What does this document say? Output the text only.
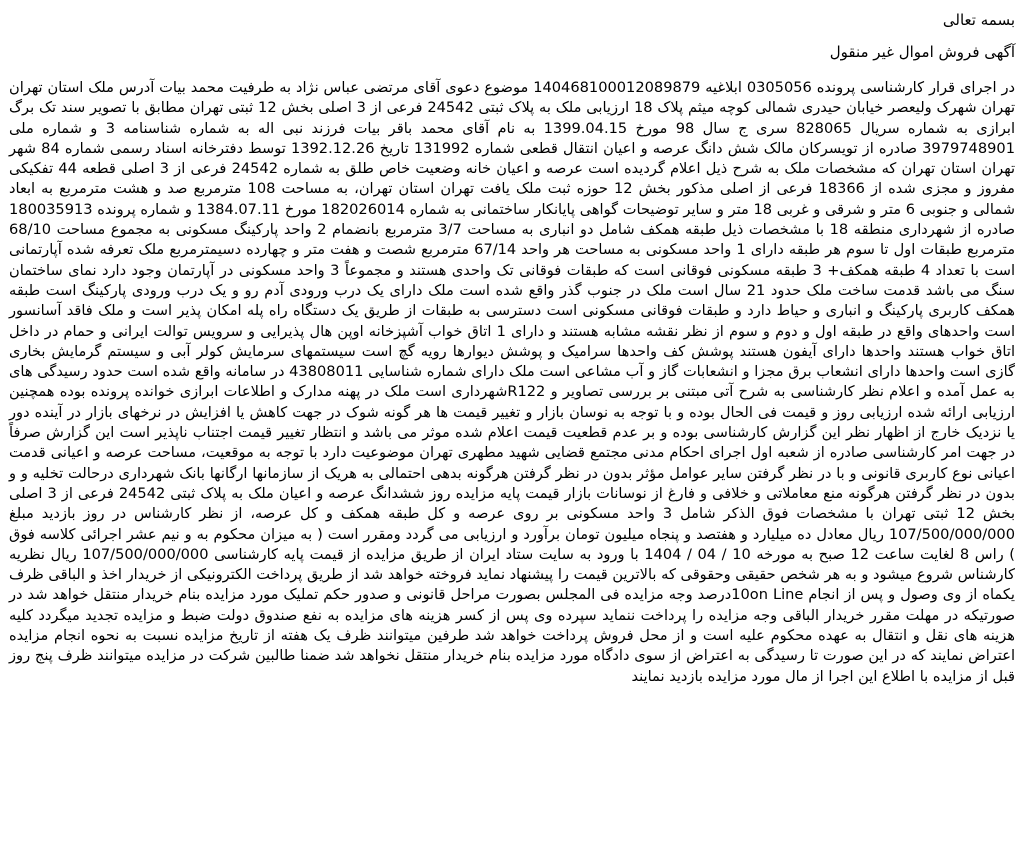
بسمه تعالی
آگهی فروش اموال غیر منقول
در اجرای قرار کارشناسی پرونده 0305056 ابلاغیه 140468100012089879 موضوع دعوی آقای مرتضی عباس نژاد به طرفیت محمد بیات آدرس ملک استان تهران تهران شهرک ولیعصر خیابان حیدری شمالی کوچه میثم پلاک 18 ارزیابی ملک به پلاک ثبتی 24542 فرعی از 3 اصلی بخش 12 ثبتی تهران مطابق با تصویر سند تک برگ ابرازی به شماره سریال 828065 سری ج سال 98 مورخ 1399.04.15 به نام آقای محمد باقر بیات فرزند نبی اله به شماره شناسنامه 3 و شماره ملی 3979748901 صادره از تویسرکان مالک شش دانگ عرصه و اعیان انتقال قطعی شماره 131992 تاریخ 1392.12.26 توسط دفترخانه اسناد رسمی شماره 84 شهر تهران استان تهران که مشخصات ملک به شرح ذیل اعلام گردیده است عرصه و اعیان خانه وضعیت خاص طلق به شماره 24542 فرعی از 3 اصلی قطعه 44 تفکیکی مفروز و مجزی شده از 18366 فرعی از اصلی مذکور بخش 12 حوزه ثبت ملک یافت تهران استان تهران، به مساحت 108 مترمربع صد و هشت مترمربع به ابعاد شمالی و جنوبی 6 متر و شرقی و غربی 18 متر و سایر توضیحات گواهی پایانکار ساختمانی به شماره 182026014 مورخ 1384.07.11 و شماره پرونده 180035913 صادره از شهرداری منطقه 18 با مشخصات ذیل طبقه همکف شامل دو انباری به مساحت 3/7 مترمربع بانضمام 2 واحد پارکینگ مسکونی به مجموع مساحت 68/10 مترمربع طبقات اول تا سوم هر طبقه دارای 1 واحد مسکونی به مساحت هر واحد 67/14 مترمربع شصت و هفت متر و چهارده دسیمترمربع ملک تعرفه شده آپارتمانی است با تعداد 4 طبقه همکف+ 3 طبقه مسکونی فوقانی است که طبقات فوقانی تک واحدی هستند و مجموعاً 3 واحد مسکونی در آپارتمان وجود دارد نمای ساختمان سنگ می باشد قدمت ساخت ملک حدود 21 سال است ملک در جنوب گذر واقع شده است ملک دارای یک درب ورودی آدم رو و یک درب ورودی پارکینگ است طبقه همکف کاربری پارکینگ و انباری و حیاط دارد و طبقات فوقانی مسکونی است دسترسی به طبقات از طریق یک دستگاه راه پله امکان پذیر است و ملک فاقد آسانسور است واحدهای واقع در طبقه اول و دوم و سوم از نظر نقشه مشابه هستند و دارای 1 اتاق خواب آشپزخانه اوپن هال پذیرایی و سرویس توالت ایرانی و حمام در داخل اتاق خواب هستند واحدها دارای آیفون هستند پوشش کف واحدها سرامیک و پوشش دیوارها رویه گچ است سیستمهای سرمایش کولر آبی و سیستم گرمایش بخاری گازی است واحدها دارای انشعاب برق مجزا و انشعابات گاز و آب مشاعی است ملک دارای شماره شناسایی 43808011 در سامانه واقع شده است حدود رسیدگی های به عمل آمده و اعلام نظر کارشناسی به شرح آتی مبتنی بر بررسی تصاویر و R122شهرداری است ملک در پهنه مدارک و اطلاعات ابرازی خوانده پرونده بوده همچنین ارزیابی ارائه شده ارزیابی روز و قیمت فی الحال بوده و با توجه به نوسان بازار و تغییر قیمت ها هر گونه شوک در جهت کاهش یا افزایش در نرخهای بازار در آینده دور یا نزدیک خارج از اظهار نظر این گزارش کارشناسی بوده و بر عدم قطعیت قیمت اعلام شده موثر می باشد و انتظار تغییر قیمت اجتناب ناپذیر است این گزارش صرفاً در جهت امر کارشناسی صادره از شعبه اول اجرای احکام مدنی مجتمع قضایی شهید مطهری تهران موضوعیت دارد با توجه به موقعیت، مساحت عرصه و اعیانی قدمت اعیانی نوع کاربری قانونی و با در نظر گرفتن سایر عوامل مؤثر بدون در نظر گرفتن هرگونه بدهی احتمالی به هریک از سازمانها ارگانها بانک شهرداری درحالت تخلیه و و بدون در نظر گرفتن هرگونه منع معاملاتی و خلافی و فارغ از نوسانات بازار قیمت پایه مزایده روز ششدانگ عرصه و اعیان ملک به پلاک ثبتی 24542 فرعی از 3 اصلی بخش 12 ثبتی تهران با مشخصات فوق الذکر شامل 3 واحد مسکونی بر روی عرصه و کل طبقه همکف و کل عرصه، از نظر کارشناس در روز بازدید مبلغ 107/500/000/000 ریال معادل ده میلیارد و هفتصد و پنجاه میلیون تومان برآورد و ارزیابی می گردد ومقرر است ( به میزان محکوم به و نیم عشر اجرائی کلاسه فوق ) راس 8 لغایت ساعت 12 صبح به مورخه 10 / 04 / 1404 با ورود به سایت ستاد ایران از طریق مزایده از قیمت پایه کارشناسی 107/500/000/000 ریال نظریه کارشناس شروع میشود و به هر شخص حقیقی وحقوقی که بالاترین قیمت را پیشنهاد نماید فروخته خواهد شد از طریق پرداخت الکترونیکی از خریدار اخذ و الباقی ظرف یکماه از وی وصول و پس از انجام 10on Lineدرصد وجه مزایده فی المجلس بصورت مراحل قانونی و صدور حکم تملیک مورد مزایده بنام خریدار منتقل خواهد شد در صورتیکه در مهلت مقرر خریدار الباقی وجه مزایده را پرداخت ننماید سپرده وی پس از کسر هزینه های مزایده به نفع صندوق دولت ضبط و مزایده تجدید میگردد کلیه هزینه های نقل و انتقال به عهده محکوم علیه است و از محل فروش پرداخت خواهد شد طرفین میتوانند ظرف یک هفته از تاریخ مزایده نسبت به نحوه انجام مزایده اعتراض نمایند که در این صورت تا رسیدگی به اعتراض از سوی دادگاه مورد مزایده بنام خریدار منتقل نخواهد شد ضمنا طالبین شرکت در مزایده میتوانند ظرف پنج روز قبل از مزایده با اطلاع این اجرا از مال مورد مزایده بازدید نمایند
